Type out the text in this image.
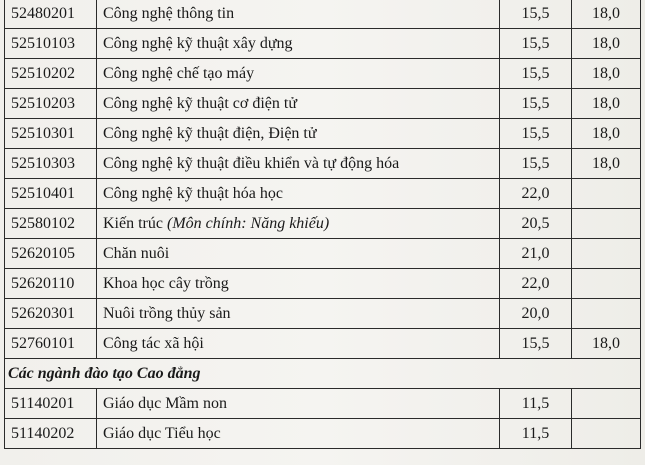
52480201	Công nghệ thông tin	15,5	18,0
52510103	Công nghệ kỹ thuật xây dựng	15,5	18,0
52510202	Công nghệ chế tạo máy	15,5	18,0
52510203	Công nghệ kỹ thuật cơ điện tử	15,5	18,0
52510301	Công nghệ kỹ thuật điện, Điện tử	15,5	18,0
52510303	Công nghệ kỹ thuật điều khiển và tự động hóa	15,5	18,0
52510401	Công nghệ kỹ thuật hóa học	22,0	
52580102	Kiến trúc (Môn chính: Năng khiếu)	20,5	
52620105	Chăn nuôi	21,0	
52620110	Khoa học cây trồng	22,0	
52620301	Nuôi trồng thủy sản	20,0	
52760101	Công tác xã hội	15,5	18,0
Các ngành đào tạo Cao đẳng			
51140201	Giáo dục Mầm non	11,5	
51140202	Giáo dục Tiểu học	11,5	
